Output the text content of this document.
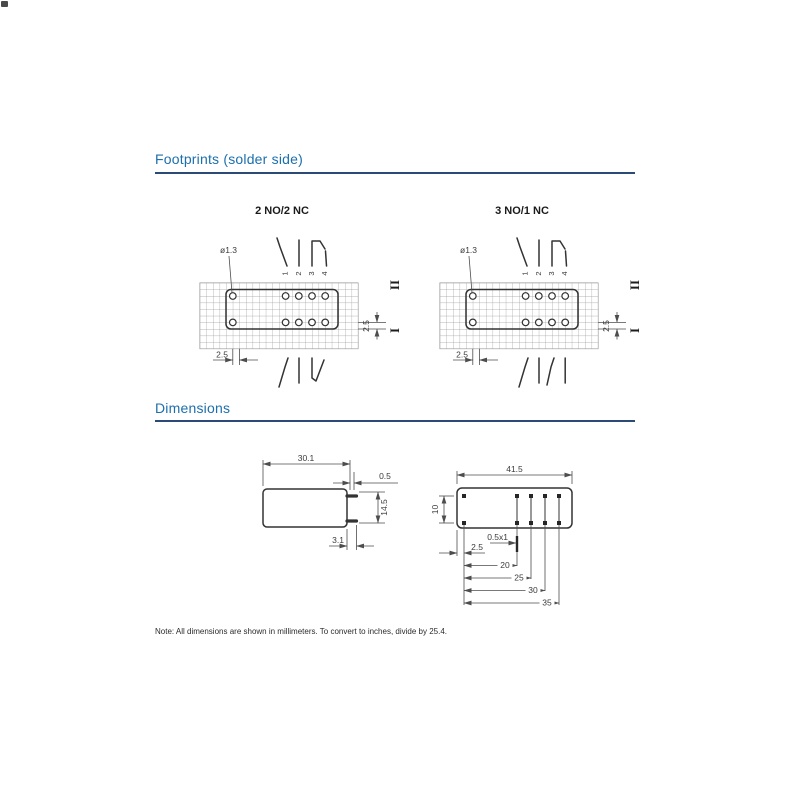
Footprints (solder side)
2 NO/2 NC	3 NO/1 NC
ø1.3
1 2 3 4
2.5
II
I
2.5
ø1.3
1 2 3 4
2.5
II
I
2.5
Dimensions
30.1
0.5
14.5
3.1
41.5
10
0.5x1
2.5
20
25
30
35
Note: All dimensions are shown in millimeters. To convert to inches, divide by 25.4.
